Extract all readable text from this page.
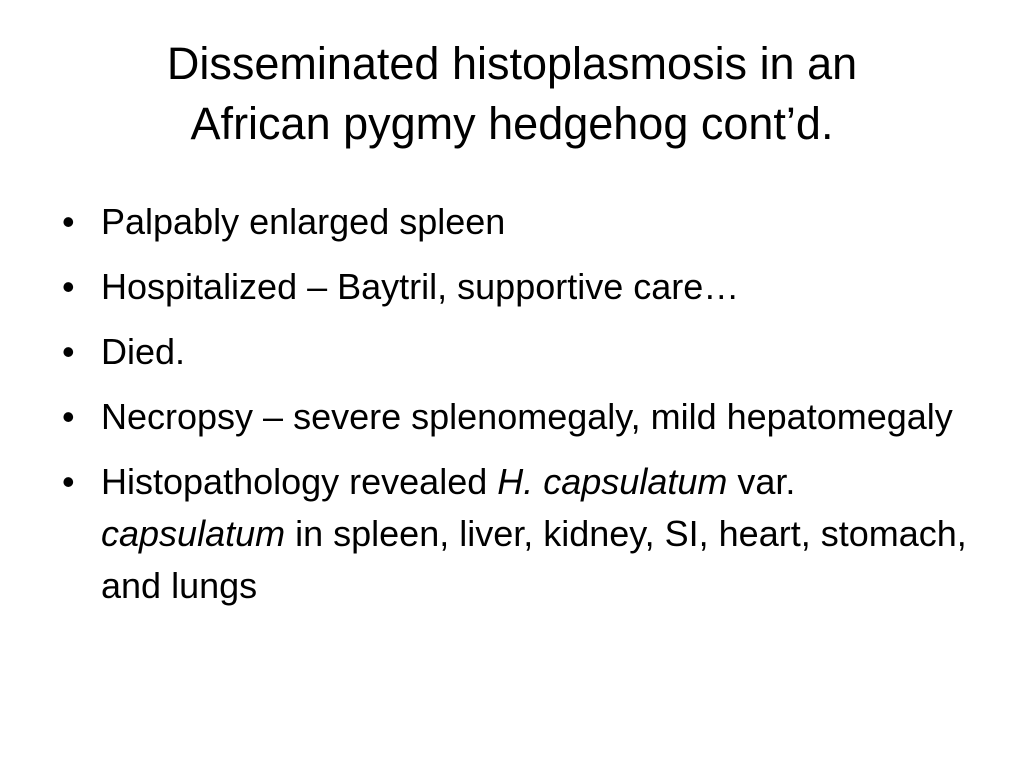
Disseminated histoplasmosis in an
African pygmy hedgehog cont’d.
• Palpably enlarged spleen
• Hospitalized – Baytril, supportive care…
• Died.
• Necropsy – severe splenomegaly, mild hepatomegaly
• Histopathology revealed H. capsulatum var. capsulatum in spleen, liver, kidney, SI, heart, stomach, and lungs
